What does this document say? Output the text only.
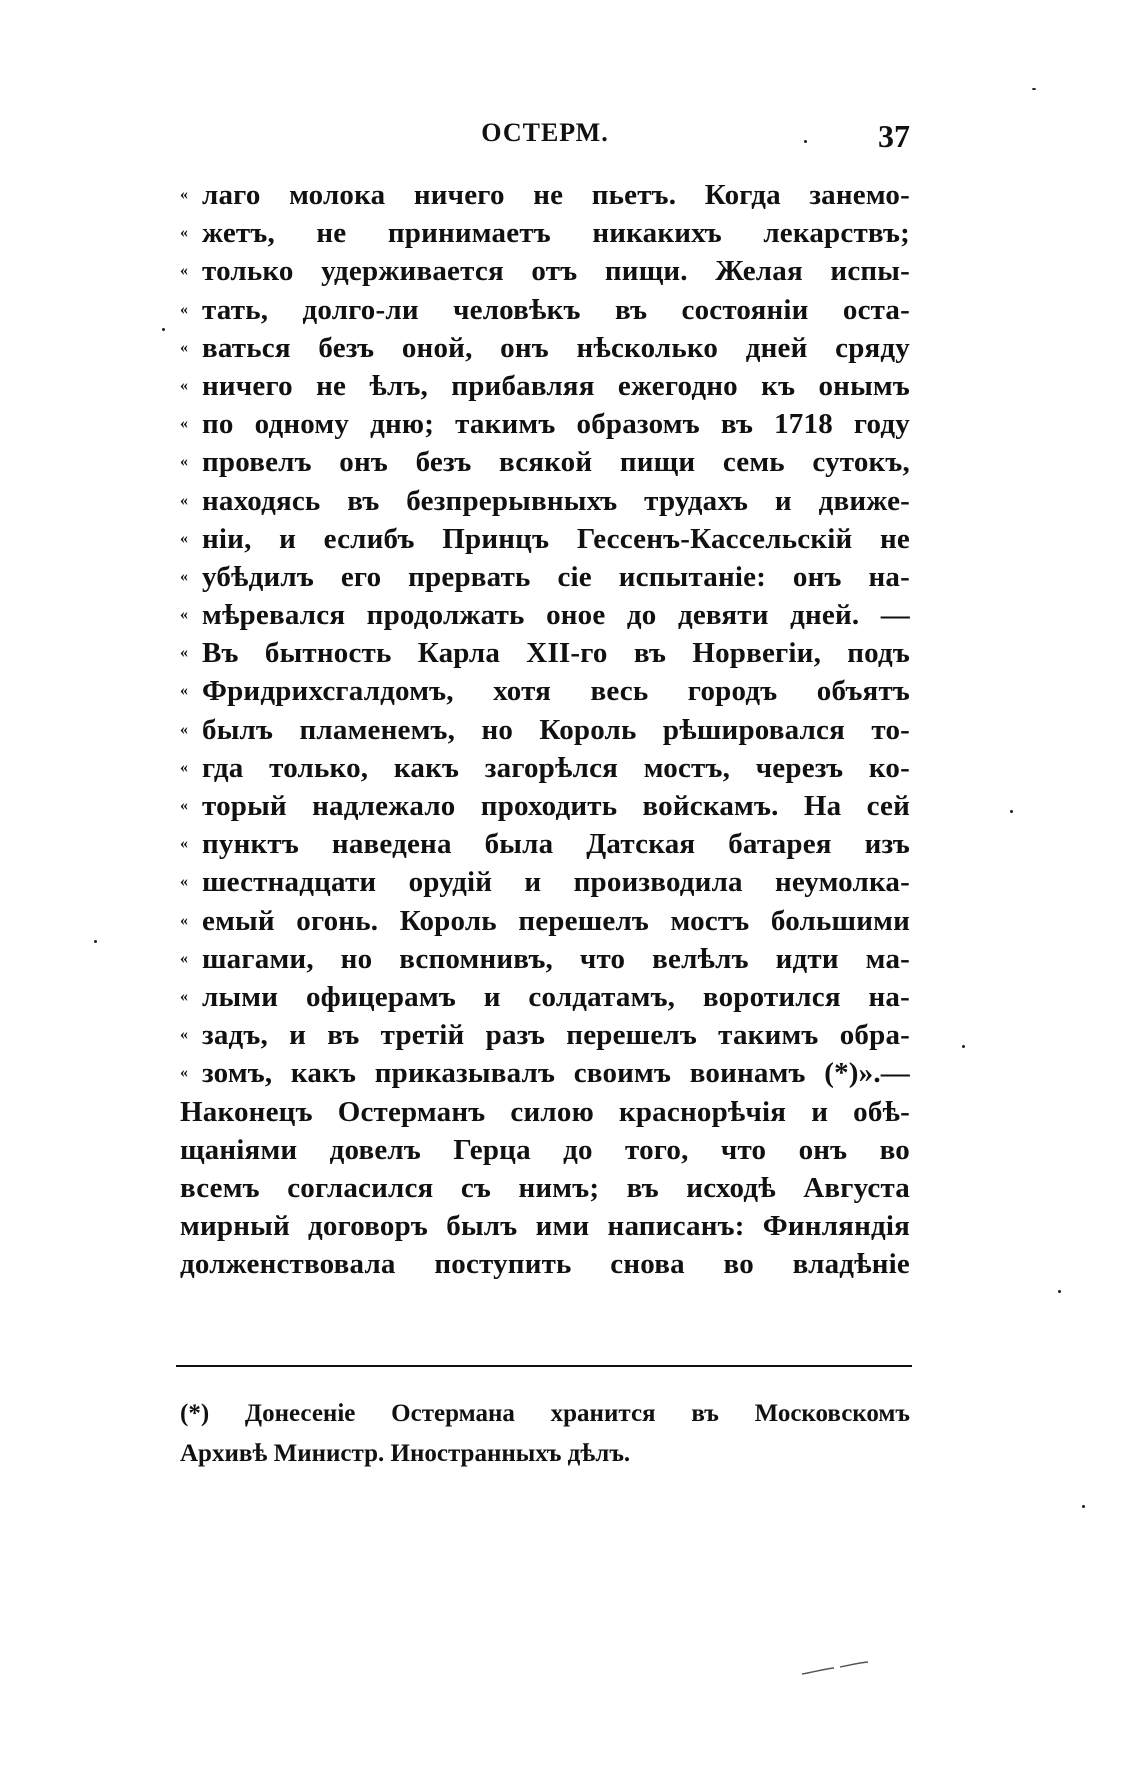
ОСТЕРМ.	37
« лаго молока ничего не пьетъ. Когда занемо-
« жетъ, не принимаетъ никакихъ лекарствъ;
« только удерживается отъ пищи. Желая испы-
« тать, долго-ли человѣкъ въ состояніи оста-
« ваться безъ оной, онъ нѣсколько дней сряду
« ничего не ѣлъ, прибавляя ежегодно къ онымъ
« по одному дню; такимъ образомъ въ 1718 году
« провелъ онъ безъ всякой пищи семь сутокъ,
« находясь въ безпрерывныхъ трудахъ и движе-
« ніи, и еслибъ Принцъ Гессенъ-Кассельскій не
« убѣдилъ его прервать сіе испытаніе: онъ на-
« мѣревался продолжать оное до девяти дней. —
« Въ бытность Карла XII-го въ Норвегіи, подъ
« Фридрихсгалдомъ, хотя весь городъ объятъ
« былъ пламенемъ, но Король рѣшировался то-
« гда только, какъ загорѣлся мостъ, черезъ ко-
« торый надлежало проходить войскамъ. На сей
« пунктъ наведена была Датская батарея изъ
« шестнадцати орудій и производила неумолка-
« емый огонь. Король перешелъ мостъ большими
« шагами, но вспомнивъ, что велѣлъ идти ма-
« лыми офицерамъ и солдатамъ, воротился на-
« задъ, и въ третій разъ перешелъ такимъ обра-
« зомъ, какъ приказывалъ своимъ воинамъ (*)».—
Наконецъ Остерманъ силою краснорѣчія и обѣ-
щаніями довелъ Герца до того, что онъ во
всемъ согласился съ нимъ; въ исходѣ Августа
мирный договоръ былъ ими написанъ: Финляндія
долженствовала поступить снова во владѣніе
(*) Донесеніе Остермана хранится въ Московскомъ
Архивѣ Министр. Иностранныхъ дѣлъ.
